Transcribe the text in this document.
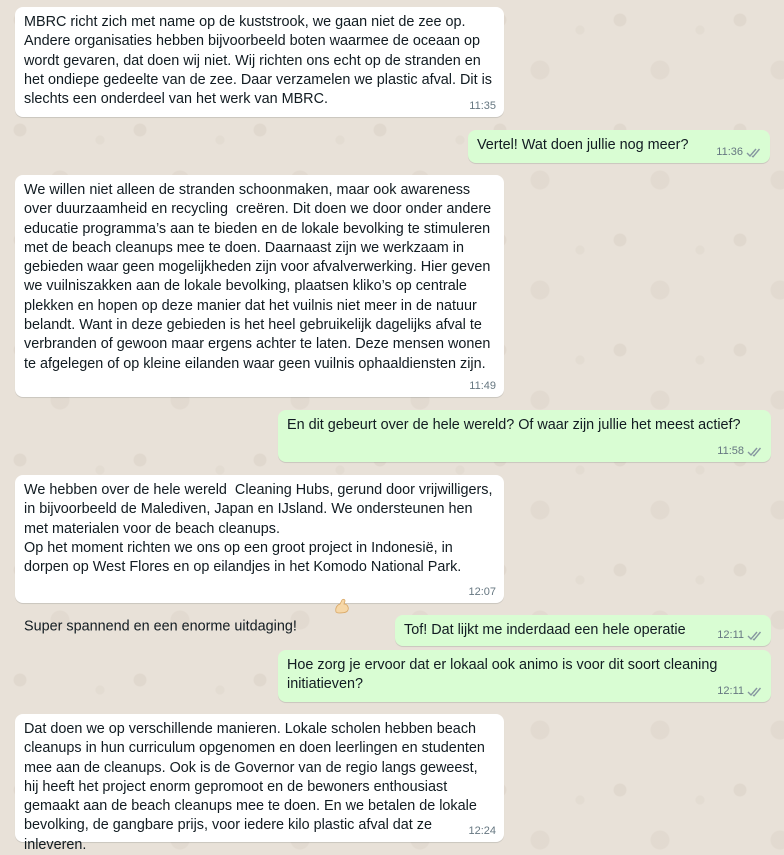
MBRC richt zich met name op de kuststrook, we gaan niet de zee op. Andere organisaties hebben bijvoorbeeld boten waarmee de oceaan op wordt gevaren, dat doen wij niet. Wij richten ons echt op de stranden en het ondiepe gedeelte van de zee. Daar verzamelen we plastic afval. Dit is slechts een onderdeel van het werk van MBRC.	11:35
Vertel! Wat doen jullie nog meer?	11:36
We willen niet alleen de stranden schoonmaken, maar ook awareness over duurzaamheid en recycling  creëren. Dit doen we door onder andere educatie programma’s aan te bieden en de lokale bevolking te stimuleren met de beach cleanups mee te doen. Daarnaast zijn we werkzaam in gebieden waar geen mogelijkheden zijn voor afvalverwerking. Hier geven we vuilniszakken aan de lokale bevolking, plaatsen kliko’s op centrale plekken en hopen op deze manier dat het vuilnis niet meer in de natuur belandt. Want in deze gebieden is het heel gebruikelijk dagelijks afval te verbranden of gewoon maar ergens achter te laten. Deze mensen wonen te afgelegen of op kleine eilanden waar geen vuilnis ophaaldiensten zijn.
11:49
En dit gebeurt over de hele wereld? Of waar zijn jullie het meest actief?
11:58
We hebben over de hele wereld  Cleaning Hubs, gerund door vrijwilligers, in bijvoorbeeld de Malediven, Japan en IJsland. We ondersteunen hen met materialen voor de beach cleanups.
Op het moment richten we ons op een groot project in Indonesië, in dorpen op West Flores en op eilandjes in het Komodo National Park. Super spannend en een enorme uitdaging!

12:07
Tof! Dat lijkt me inderdaad een hele operatie	12:11
Hoe zorg je ervoor dat er lokaal ook animo is voor dit soort cleaning initiatieven?	12:11
Dat doen we op verschillende manieren. Lokale scholen hebben beach cleanups in hun curriculum opgenomen en doen leerlingen en studenten mee aan de cleanups. Ook is de Governor van de regio langs geweest, hij heeft het project enorm gepromoot en de bewoners enthousiast gemaakt aan de beach cleanups mee te doen. En we betalen de lokale bevolking, de gangbare prijs, voor iedere kilo plastic afval dat ze inleveren.
12:24
